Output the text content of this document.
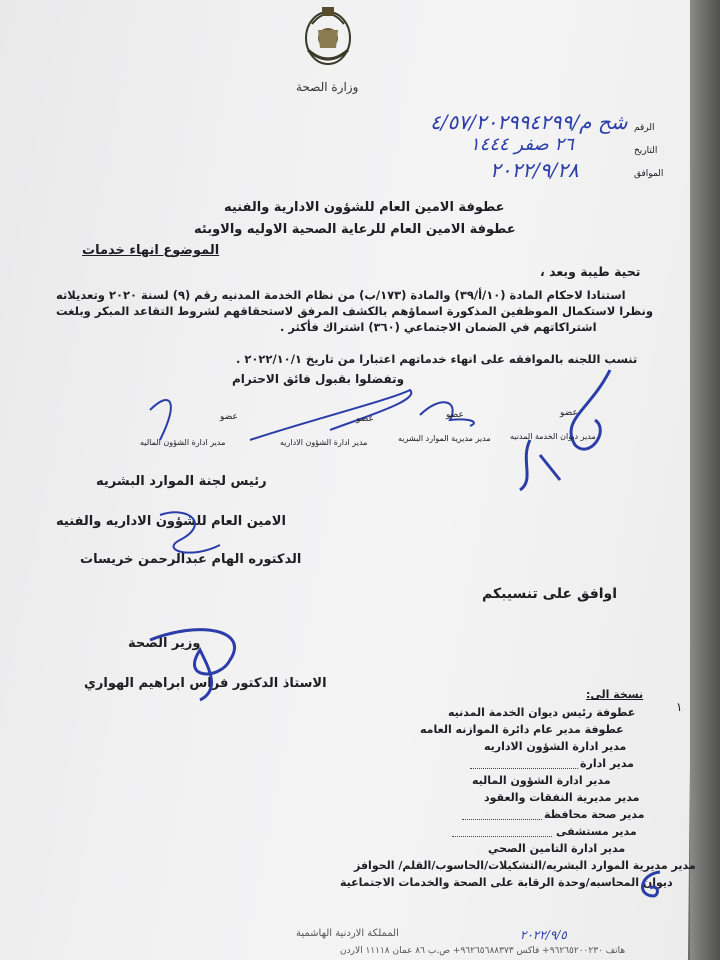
وزارة الصحة
الرقم
شح م/٤/٥٧/٢٠٢٩٩٤٢٩٩
التاريخ
٢٦ صفر ١٤٤٤
الموافق
٢٠٢٢/٩/٢٨
عطوفة الامين العام للشؤون الادارية والفنيه
عطوفة الامين العام للرعاية الصحية الاوليه والاوبئه
الموضوع انهاء خدمات
تحية طيبة وبعد ،
استنادا لاحكام المادة (١٠/أ/٣٩) والمادة (١٧٣/ب) من نظام الخدمة المدنيه رقم (٩) لسنة ٢٠٢٠ وتعديلاته
ونظرا لاستكمال الموظفين المذكورة اسماؤهم بالكشف المرفق لاستحقاقهم لشروط التقاعد المبكر وبلغت
اشتراكاتهم في الضمان الاجتماعي (٣٦٠) اشتراك فأكثر .
تنسب اللجنه بالموافقه على انهاء خدماتهم اعتبارا من تاريخ ٢٠٢٢/١٠/١ .
وتفضلوا بقبول فائق الاحترام
عضو
مدير ديوان الخدمة المدنيه
عضو
مدير مديرية الموارد البشريه
عضو
مدير ادارة الشؤون الاداريه
عضو
مدير ادارة الشؤون الماليه
رئيس لجنة الموارد البشريه
الامين العام للشؤون الاداريه والفنيه
الدكتوره الهام عبدالرحمن خريسات
اوافق على تنسيبكم
وزير الصحة
الاستاذ الدكتور فراس ابراهيم الهواري
نسخة الى:
عطوفة رئيس ديوان الخدمة المدنيه
عطوفة مدير عام دائرة الموازنه العامه
مدير ادارة الشؤون الاداريه
مدير ادارة
مدير ادارة الشؤون الماليه
مدير مديرية النفقات والعقود
مدير صحة محافظة
مدير مستشفى
مدير ادارة التامين الصحي
مدير مديرية الموارد البشريه/التشكيلات/الحاسوب/القلم/ الحوافز
ديوان المحاسبه/وحدة الرقابة على الصحة والخدمات الاجتماعية
١
المملكة الاردنية الهاشمية	٢٠٢٢/٩/٥
هاتف ٩٦٢٦٥٢٠٠٢٣٠+ فاكس ٩٦٢٦٥٦٨٨٣٧٣+ ص.ب ٨٦ عمان ١١١١٨ الاردن
